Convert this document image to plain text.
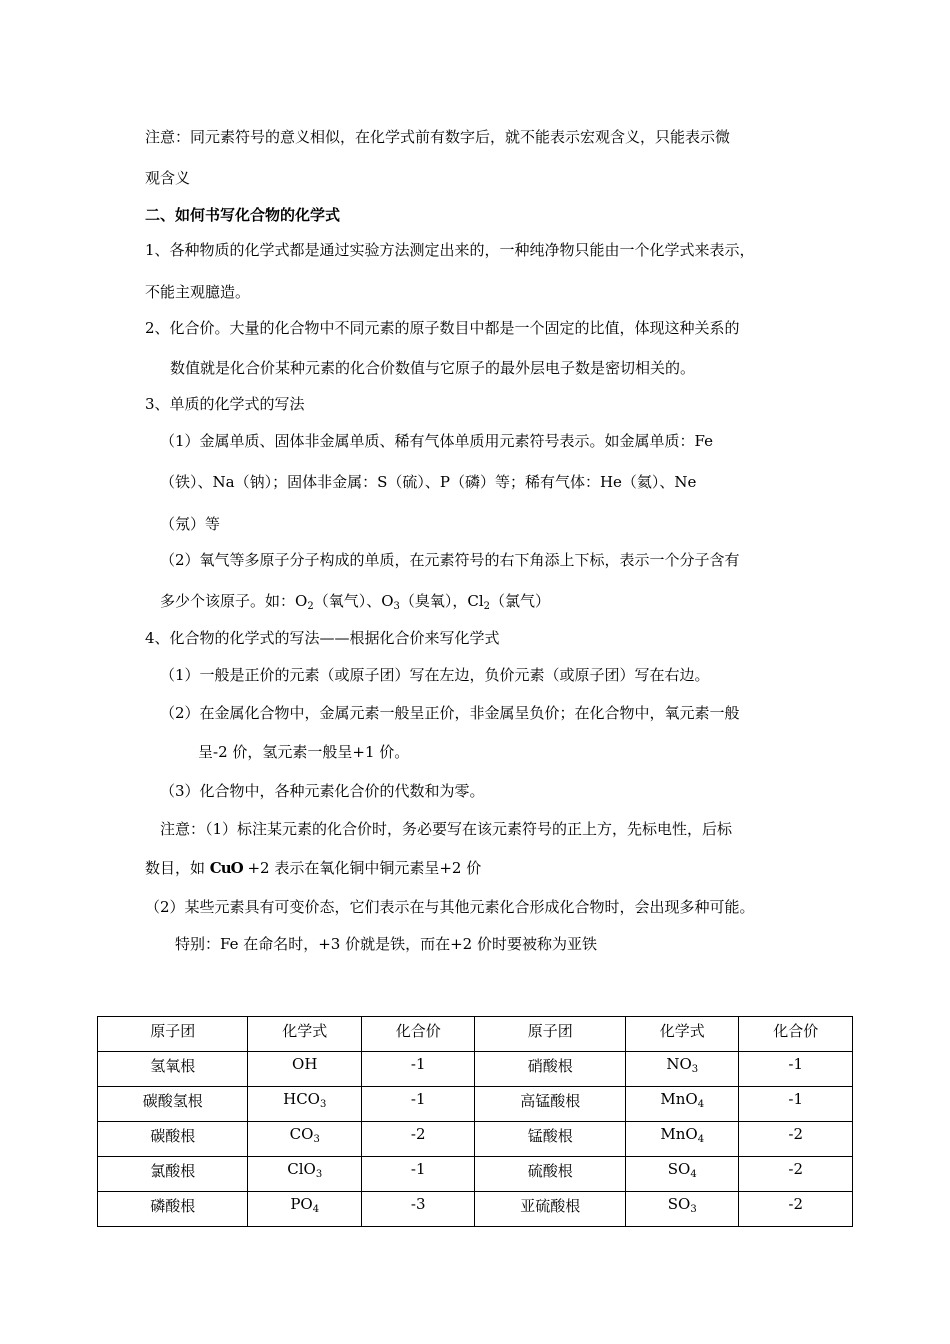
注意：同元素符号的意义相似，在化学式前有数字后，就不能表示宏观含义，只能表示微
观含义
二、如何书写化合物的化学式
1、各种物质的化学式都是通过实验方法测定出来的，一种纯净物只能由一个化学式来表示，
不能主观臆造。
2、化合价。大量的化合物中不同元素的原子数目中都是一个固定的比值，体现这种关系的
数值就是化合价某种元素的化合价数值与它原子的最外层电子数是密切相关的。
3、单质的化学式的写法
（1）金属单质、固体非金属单质、稀有气体单质用元素符号表示。如金属单质：Fe
（铁）、Na（钠）；固体非金属：S（硫）、P（磷）等；稀有气体：He（氦）、Ne
（氖）等
（2）氧气等多原子分子构成的单质，在元素符号的右下角添上下标，表示一个分子含有
多少个该原子。如：$O_2$（氧气）、$O_3$（臭氧），$Cl_2$（氯气）
4、化合物的化学式的写法——根据化合价来写化学式
（1）一般是正价的元素（或原子团）写在左边，负价元素（或原子团）写在右边。
（2）在金属化合物中，金属元素一般呈正价，非金属呈负价；在化合物中，氧元素一般
呈-2 价，氢元素一般呈+1 价。
（3）化合物中，各种元素化合价的代数和为零。
注意：（1）标注某元素的化合价时，务必要写在该元素符号的正上方，先标电性，后标
数目，如 CuO +2 表示在氧化铜中铜元素呈+2 价
（2）某些元素具有可变价态，它们表示在与其他元素化合形成化合物时，会出现多种可能。
特别：Fe 在命名时，+3 价就是铁，而在+2 价时要被称为亚铁
原子团	化学式	化合价	原子团	化学式	化合价
氢氧根	OH	-1	硝酸根	$NO_3$	-1
碳酸氢根	$HCO_3$	-1	高锰酸根	MnO$_4$	-1
碳酸根	$CO_3$	-2	锰酸根	MnO$_4$	-2
氯酸根	ClO$_3$	-1	硫酸根	$SO_4$	-2
磷酸根	$PO_4$	-3	亚硫酸根	$SO_3$	-2
